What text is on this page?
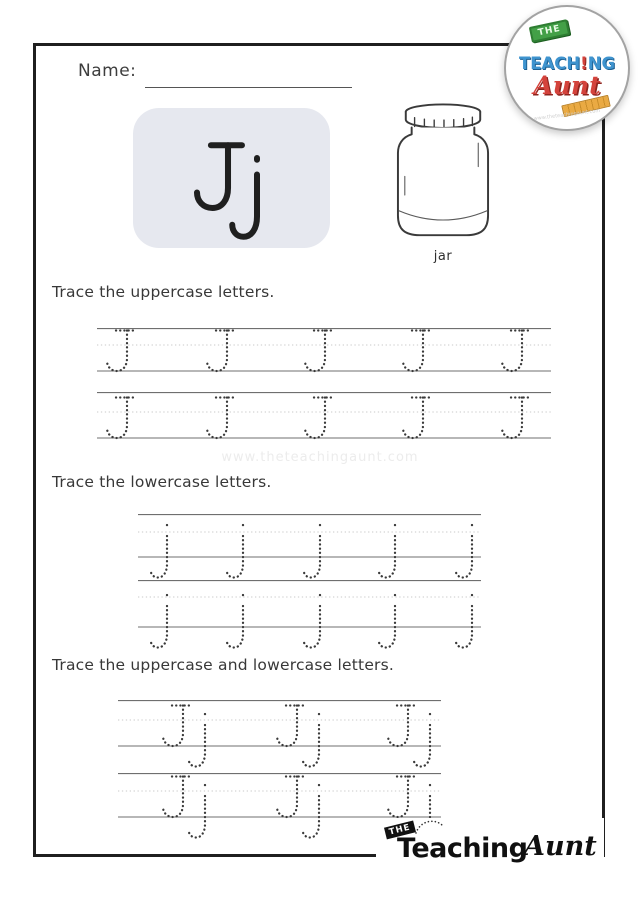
Name:
jar
THE
TEACH!NG
Aunt
www.theteachingaunt.com
Trace the uppercase letters.
www.theteachingaunt.com
Trace the lowercase letters.
Trace the uppercase and lowercase letters.
THE
Teaching
Aunt
